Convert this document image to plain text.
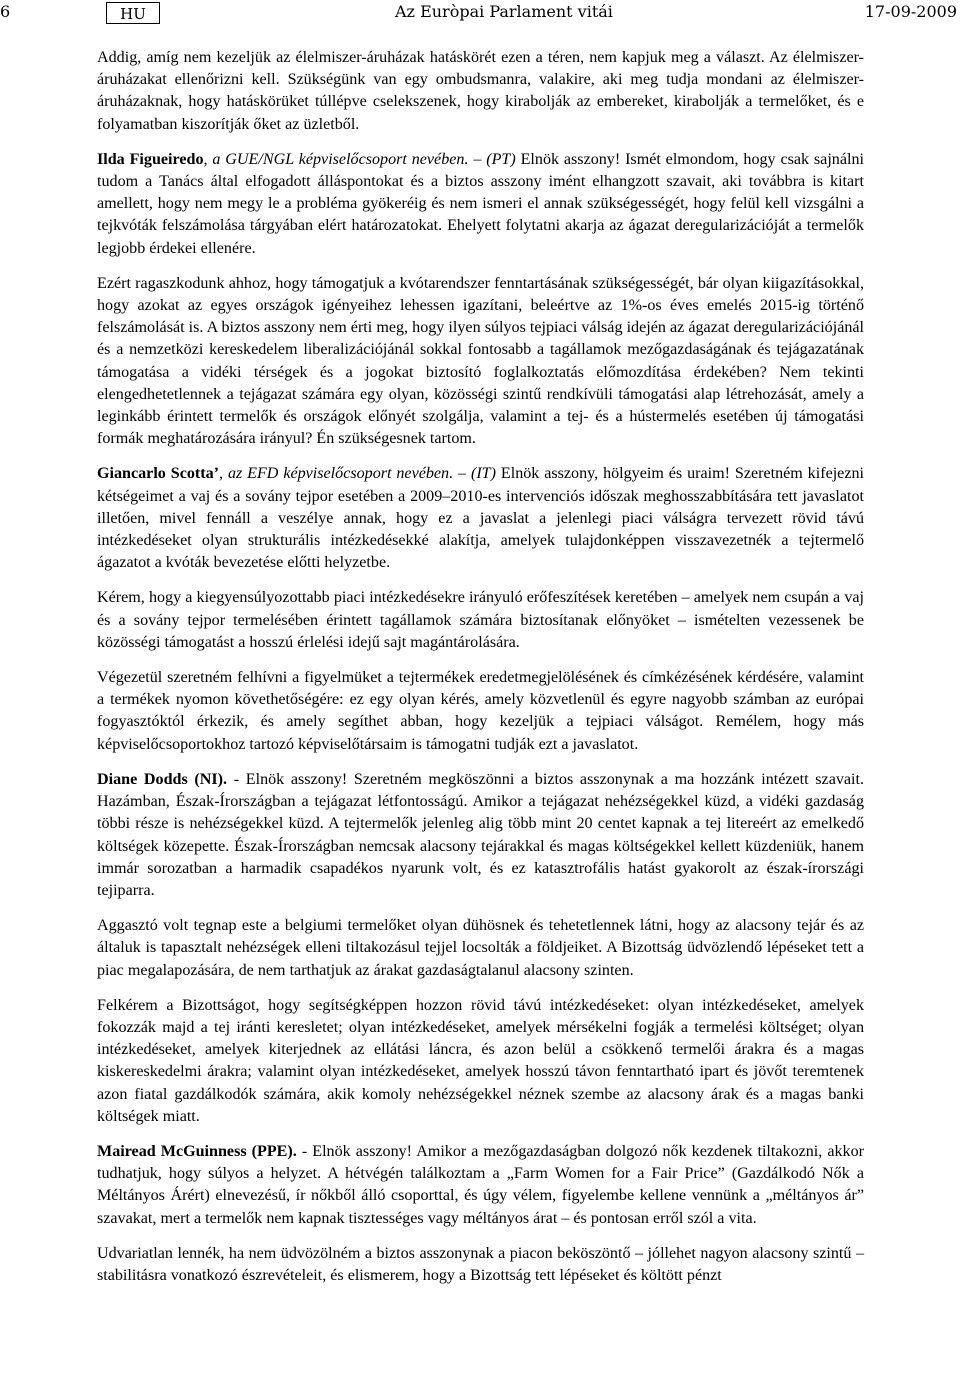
6	HU	Az Euròpai Parlament vitái	17-09-2009

Addig, amíg nem kezeljük az élelmiszer-áruházak hatáskörét ezen a téren, nem kapjuk meg a választ. Az élelmiszer-áruházakat ellenőrizni kell. Szükségünk van egy ombudsmanra, valakire, aki meg tudja mondani az élelmiszer-áruházaknak, hogy hatáskörüket túllépve cselekszenek, hogy kirabolják az embereket, kirabolják a termelőket, és e folyamatban kiszorítják őket az üzletből.

Ilda Figueiredo, a GUE/NGL képviselőcsoport nevében. – (PT) Elnök asszony! Ismét elmondom, hogy csak sajnálni tudom a Tanács által elfogadott álláspontokat és a biztos asszony imént elhangzott szavait, aki továbbra is kitart amellett, hogy nem megy le a probléma gyökeréig és nem ismeri el annak szükségességét, hogy felül kell vizsgálni a tejkvóták felszámolása tárgyában elért határozatokat. Ehelyett folytatni akarja az ágazat deregularizációját a termelők legjobb érdekei ellenére.

Ezért ragaszkodunk ahhoz, hogy támogatjuk a kvótarendszer fenntartásának szükségességét, bár olyan kiigazításokkal, hogy azokat az egyes országok igényeihez lehessen igazítani, beleértve az 1%-os éves emelés 2015-ig történő felszámolását is. A biztos asszony nem érti meg, hogy ilyen súlyos tejpiaci válság idején az ágazat deregularizációjánál és a nemzetközi kereskedelem liberalizációjánál sokkal fontosabb a tagállamok mezőgazdaságának és tejágazatának támogatása a vidéki térségek és a jogokat biztosító foglalkoztatás előmozdítása érdekében? Nem tekinti elengedhetetlennek a tejágazat számára egy olyan, közösségi szintű rendkívüli támogatási alap létrehozását, amely a leginkább érintett termelők és országok előnyét szolgálja, valamint a tej- és a hústermelés esetében új támogatási formák meghatározására irányul? Én szükségesnek tartom.

Giancarlo Scotta’, az EFD képviselőcsoport nevében. – (IT) Elnök asszony, hölgyeim és uraim! Szeretném kifejezni kétségeimet a vaj és a sovány tejpor esetében a 2009–2010-es intervenciós időszak meghosszabbítására tett javaslatot illetően, mivel fennáll a veszélye annak, hogy ez a javaslat a jelenlegi piaci válságra tervezett rövid távú intézkedéseket olyan strukturális intézkedésekké alakítja, amelyek tulajdonképpen visszavezetnék a tejtermelő ágazatot a kvóták bevezetése előtti helyzetbe.

Kérem, hogy a kiegyensúlyozottabb piaci intézkedésekre irányuló erőfeszítések keretében – amelyek nem csupán a vaj és a sovány tejpor termelésében érintett tagállamok számára biztosítanak előnyöket – ismételten vezessenek be közösségi támogatást a hosszú érlelési idejű sajt magántárolására.

Végezetül szeretném felhívni a figyelmüket a tejtermékek eredetmegjelölésének és címkézésének kérdésére, valamint a termékek nyomon követhetőségére: ez egy olyan kérés, amely közvetlenül és egyre nagyobb számban az európai fogyasztóktól érkezik, és amely segíthet abban, hogy kezeljük a tejpiaci válságot. Remélem, hogy más képviselőcsoportokhoz tartozó képviselőtársaim is támogatni tudják ezt a javaslatot.

Diane Dodds (NI). - Elnök asszony! Szeretném megköszönni a biztos asszonynak a ma hozzánk intézett szavait. Hazámban, Észak-Írországban a tejágazat létfontosságú. Amikor a tejágazat nehézségekkel küzd, a vidéki gazdaság többi része is nehézségekkel küzd. A tejtermelők jelenleg alig több mint 20 centet kapnak a tej litereért az emelkedő költségek közepette. Észak-Írországban nemcsak alacsony tejárakkal és magas költségekkel kellett küzdeniük, hanem immár sorozatban a harmadik csapadékos nyarunk volt, és ez katasztrofális hatást gyakorolt az észak-írországi tejiparra.

Aggasztó volt tegnap este a belgiumi termelőket olyan dühösnek és tehetetlennek látni, hogy az alacsony tejár és az általuk is tapasztalt nehézségek elleni tiltakozásul tejjel locsolták a földjeiket. A Bizottság üdvözlendő lépéseket tett a piac megalapozására, de nem tarthatjuk az árakat gazdaságtalanul alacsony szinten.

Felkérem a Bizottságot, hogy segítségképpen hozzon rövid távú intézkedéseket: olyan intézkedéseket, amelyek fokozzák majd a tej iránti keresletet; olyan intézkedéseket, amelyek mérsékelni fogják a termelési költséget; olyan intézkedéseket, amelyek kiterjednek az ellátási láncra, és azon belül a csökkenő termelői árakra és a magas kiskereskedelmi árakra; valamint olyan intézkedéseket, amelyek hosszú távon fenntartható ipart és jövőt teremtenek azon fiatal gazdálkodók számára, akik komoly nehézségekkel néznek szembe az alacsony árak és a magas banki költségek miatt.

Mairead McGuinness (PPE). - Elnök asszony! Amikor a mezőgazdaságban dolgozó nők kezdenek tiltakozni, akkor tudhatjuk, hogy súlyos a helyzet. A hétvégén találkoztam a „Farm Women for a Fair Price” (Gazdálkodó Nők a Méltányos Árért) elnevezésű, ír nőkből álló csoporttal, és úgy vélem, figyelembe kellene vennünk a „méltányos ár” szavakat, mert a termelők nem kapnak tisztességes vagy méltányos árat – és pontosan erről szól a vita.

Udvariatlan lennék, ha nem üdvözölném a biztos asszonynak a piacon beköszöntő – jóllehet nagyon alacsony szintű – stabilitásra vonatkozó észrevételeit, és elismerem, hogy a Bizottság tett lépéseket és költött pénzt
